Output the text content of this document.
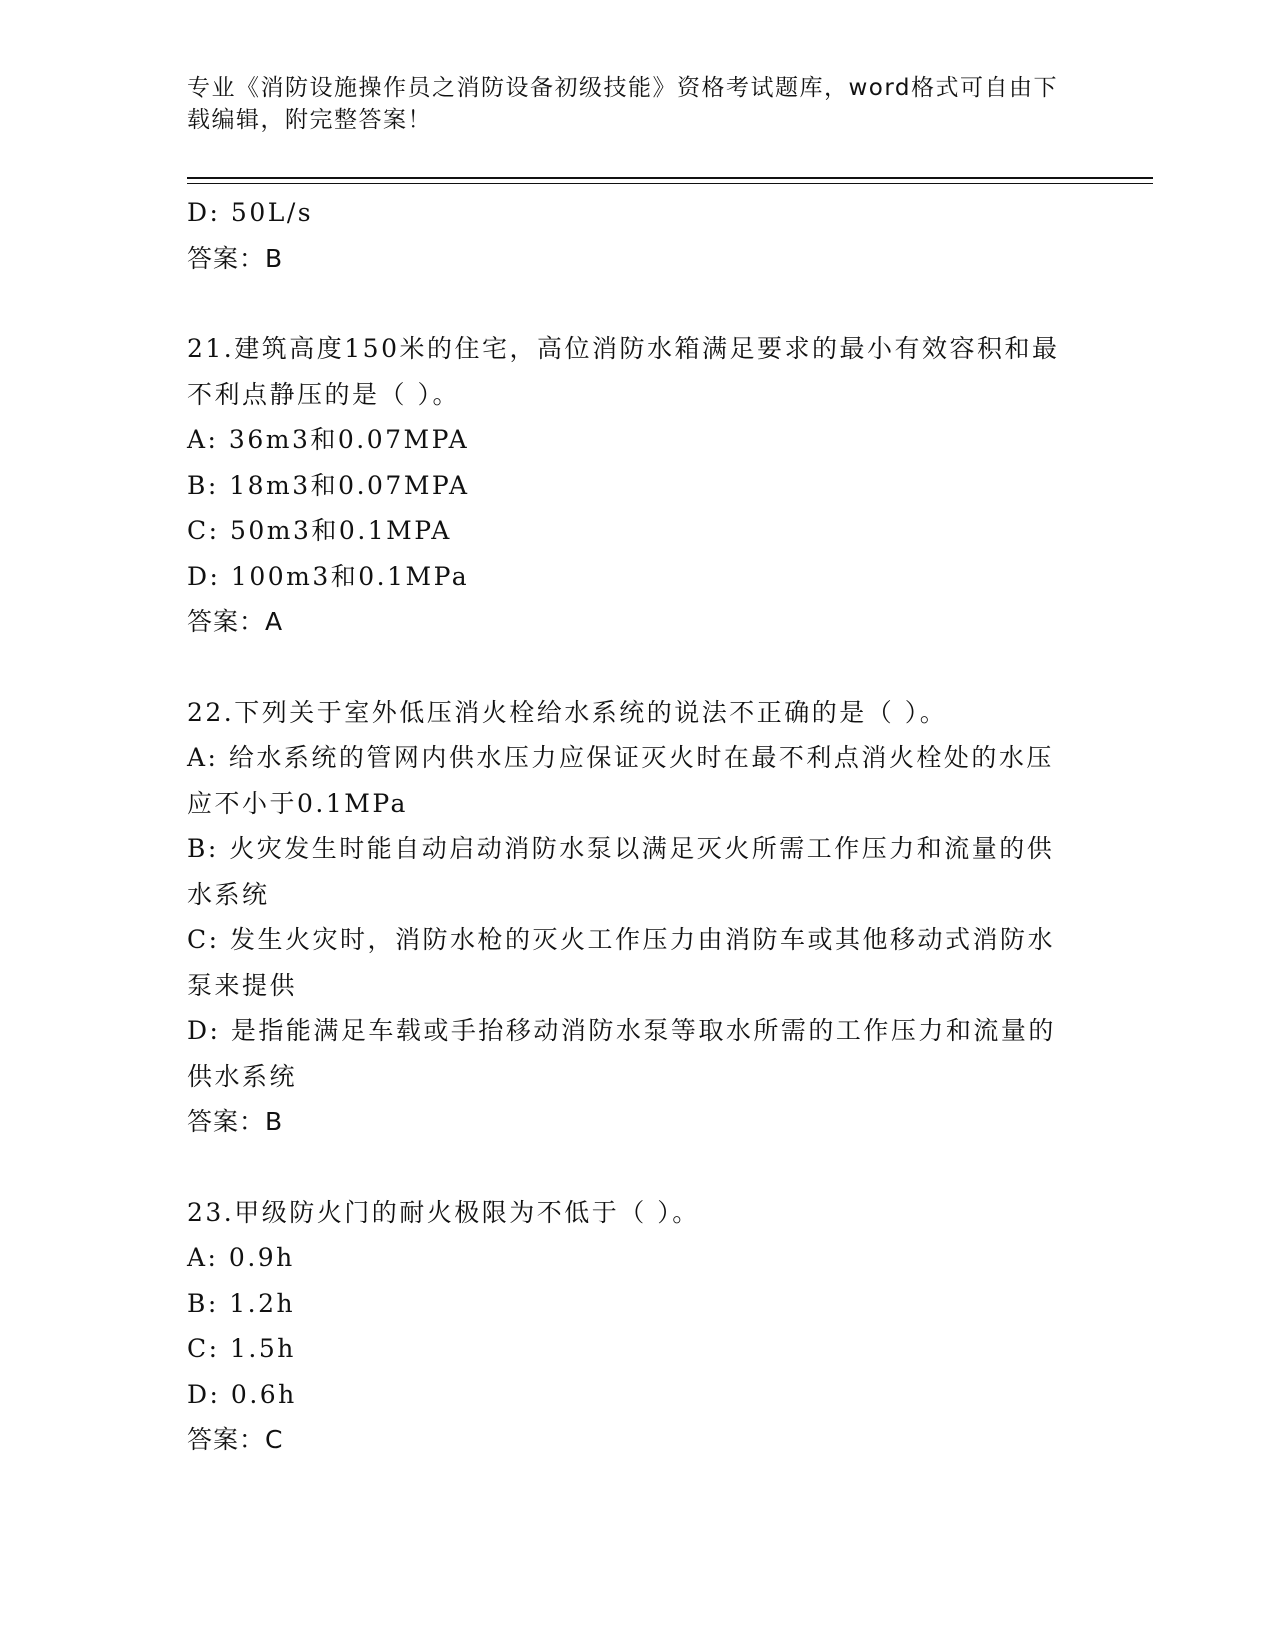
专业《消防设施操作员之消防设备初级技能》资格考试题库，word格式可自由下载编辑，附完整答案！
D: 50L/s
答案：B
21.建筑高度150米的住宅，高位消防水箱满足要求的最小有效容积和最不利点静压的是（ ）。
A: 36m3和0.07MPA
B: 18m3和0.07MPA
C: 50m3和0.1MPA
D: 100m3和0.1MPa
答案：A
22.下列关于室外低压消火栓给水系统的说法不正确的是（ ）。
A: 给水系统的管网内供水压力应保证灭火时在最不利点消火栓处的水压应不小于0.1MPa
B: 火灾发生时能自动启动消防水泵以满足灭火所需工作压力和流量的供水系统
C: 发生火灾时，消防水枪的灭火工作压力由消防车或其他移动式消防水泵来提供
D: 是指能满足车载或手抬移动消防水泵等取水所需的工作压力和流量的供水系统
答案：B
23.甲级防火门的耐火极限为不低于（ ）。
A: 0.9h
B: 1.2h
C: 1.5h
D: 0.6h
答案：C
